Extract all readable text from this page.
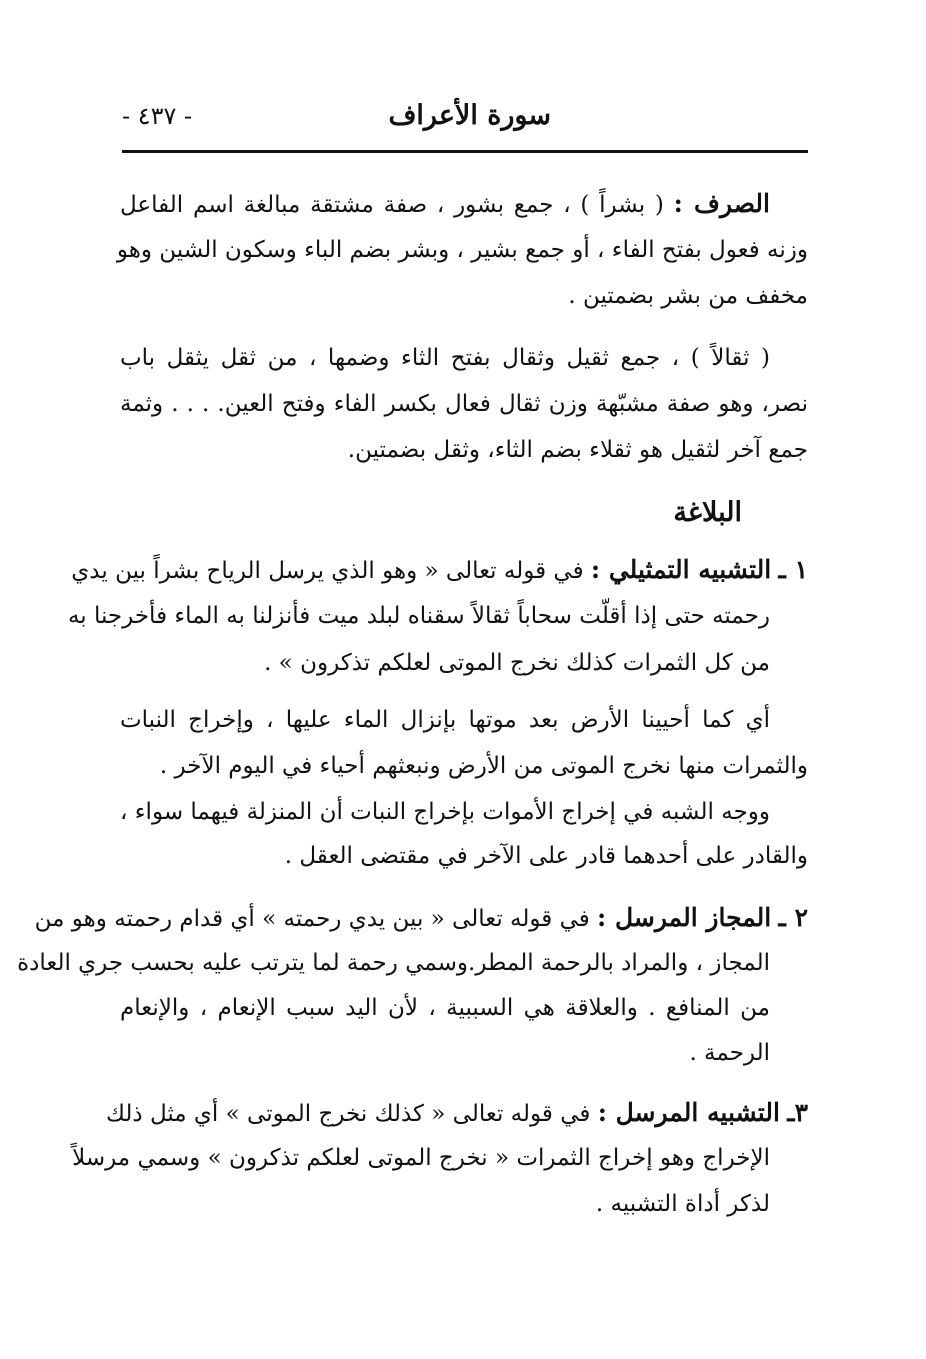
سورة الأعراف
- ٤٣٧ -
الصرف : ( بشراً ) ، جمع بشور ، صفة مشتقة مبالغة اسم الفاعل
وزنه فعول بفتح الفاء ، أو جمع بشير ، وبشر بضم الباء وسكون الشين وهو
مخفف من بشر بضمتين .
( ثقالاً ) ، جمع ثقيل وثقال بفتح الثاء وضمها ، من ثقل يثقل باب
نصر، وهو صفة مشبّهة وزن ثقال فعال بكسر الفاء وفتح العين. . . . وثمة
جمع آخر لثقيل هو ثقلاء بضم الثاء، وثقل بضمتين.
البلاغة
١ ـ التشبيه التمثيلي : في قوله تعالى « وهو الذي يرسل الرياح بشراً بين يدي
رحمته حتى إذا أقلّت سحاباً ثقالاً سقناه لبلد ميت فأنزلنا به الماء فأخرجنا به
من كل الثمرات كذلك نخرج الموتى لعلكم تذكرون » .
أي كما أحيينا الأرض بعد موتها بإنزال الماء عليها ، وإخراج النبات
والثمرات منها نخرج الموتى من الأرض ونبعثهم أحياء في اليوم الآخر .
ووجه الشبه في إخراج الأموات بإخراج النبات أن المنزلة فيهما سواء ،
والقادر على أحدهما قادر على الآخر في مقتضى العقل .
٢ ـ المجاز المرسل : في قوله تعالى « بين يدي رحمته » أي قدام رحمته وهو من
المجاز ، والمراد بالرحمة المطر.وسمي رحمة لما يترتب عليه بحسب جري العادة
من المنافع . والعلاقة هي السببية ، لأن اليد سبب الإنعام ، والإنعام
الرحمة .
٣ـ التشبيه المرسل : في قوله تعالى « كذلك نخرج الموتى » أي مثل ذلك
الإخراج وهو إخراج الثمرات « نخرج الموتى لعلكم تذكرون » وسمي مرسلاً
لذكر أداة التشبيه .
